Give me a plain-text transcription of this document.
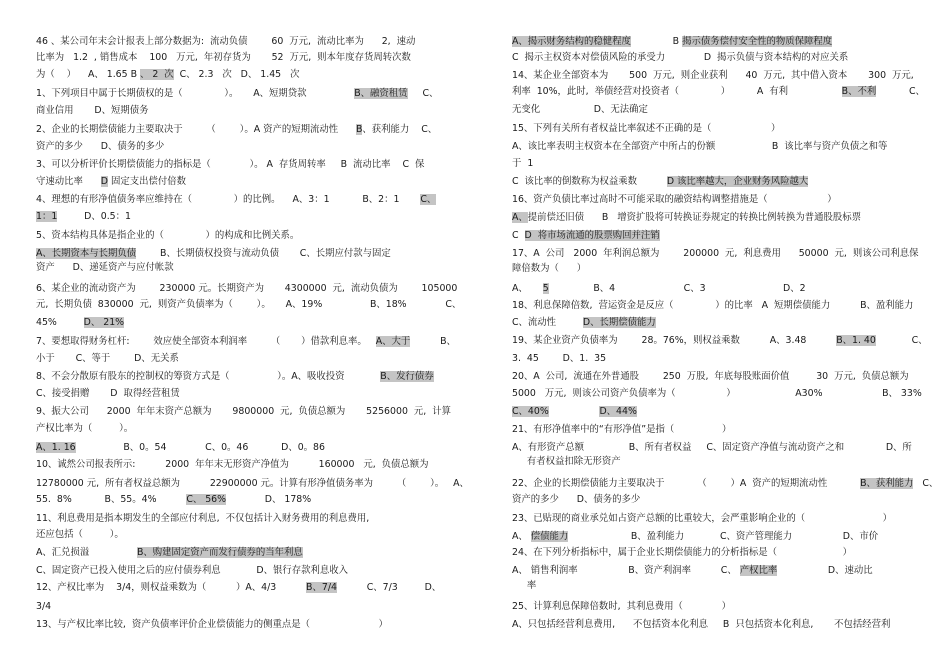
46 、某公司年末会计报表上部分数据为:  流动负债        60  万元,  流动比率为      2,  速动
比率为   1.2  , 销售成本    100   万元,  年初存货为       52  万元,  则本年度存货周转次数
为（    ）    A、 1.65 B 、 2  次  C、 2.3   次   D、 1.45   次
1、下列项目中属于长期债权的是（              ）。     A、短期贷款                B、融资租赁     C、
商业信用       D、短期债务
2、企业的长期偿债能力主要取决于        （        ）。A 资产的短期流动性      B、获利能力    C、
资产的多少      D、债务的多少
3、可以分析评价长期偿债能力的指标是（             ）。 A  存货周转率     B  流动比率    C  保
守速动比率      D 固定支出偿付倍数
4、理想的有形净值债务率应维持在（              ）的比例。    A、3：1           B、2：1       C、
1：1         D、0.5：1
5、资本结构具体是指企业的（              ）的构成和比例关系。
A、长期资本与长期负债        B、长期债权投资与流动负债       C、长期应付款与固定
资产      D、递延资产与应付帐款
6、某企业的流动资产为        230000 元。长期资产为       4300000  元,  流动负债为        105000
元,  长期负债  830000  元,  则资产负债率为（        ）。     A、19%                B、18%             C、
45%         D、 21%
7、要想取得财务杠杆:        效应使全部资本利润率        （       ）借款利息率。   A、大于          B、
小于       C、等于        D、无关系
8、不会分散原有股东的控制权的筹资方式是（                ）。A、吸收投资            B、发行债券
C、接受捐赠       D  取得经营租赁
9、振大公司      2000  年年末资产总额为       9800000  元,  负债总额为       5256000  元,  计算
产权比率为（         ）。
A、1. 16                B、0。54             C、0。46           D、0。86
10、诚然公司报表所示:          2000  年年末无形资产净值为          160000   元,  负债总额为
12780000 元,  所有者权益总额为          22900000 元。计算有形净值债务率为        （        ）。   A、
55.  8%           B、55。4%          C、 56%             D、 178%
11、利息费用是指本期发生的全部应付利息,  不仅包括计入财务费用的利息费用,
还应包括（         ）。
A、汇兑损溢                B、购建固定资产而发行债券的当年利息
C、固定资产已投入使用之后的应付债券利息            D、银行存款利息收入
12、产权比率为    3/4，则权益乘数为（          ）A、4/3          B、7/4          C、7/3         D、
3/4
13、与产权比率比较,  资产负债率评价企业偿债能力的侧重点是（                       ）
A、揭示财务结构的稳健程度              B 揭示债务偿付安全性的物质保障程度
C  揭示主权资本对偿债风险的承受力             D  揭示负债与资本结构的对应关系
14、某企业全部资本为       500  万元,  则企业获利      40  万元,  其中借入资本       300  万元,
利率  10%，此时,  举债经营对投资者（              ）         A  有利                  B、不利           C、
无变化                  D、无法确定
15、下列有关所有者权益比率叙述不正确的是（                    ）
A、该比率表明主权资本在全部资产中所占的份额                   B  该比率与资产负债之和等
于  1
C  该比率的倒数称为权益乘数          D 该比率越大，企业财务风险越大
16、资产负债比率过高时不可能采取的融资结构调整措施是（                    ）
A、提前偿还旧债      B   增资扩股将可转换证券规定的转换比例转换为普通股股标票
C  D  将市场流通的股票购回并注销
17、A  公司   2000  年利润总额为        200000  元,  利息费用      50000  元,  则该公司利息保
障倍数为（      ）
A、     5               B、4                       C、3                          D、2
18、利息保障倍数,  营运资金是反应（              ）的比率   A  短期偿债能力          B、盈利能力
C、流动性         D、长期偿债能力
19、某企业资产负债率为        28。76%，则权益乘数          A、3.48          B、1. 40            C、
3.  45        D、1.  35
20、A  公司,  流通在外普通股        250  万股,  年底每股账面价值         30  万元,  负债总额为
5000   万元,  则该公司资产负债率为（                 ）                    A30%                    B、 33%
C、40%	D、44%
21、有形净值率中的“有形净值”是指（                ）
A、有形资产总额               B、所有者权益     C、固定资产净值与流动资产之和              D、所
有者权益扣除无形资产
22、企业的长期偿债能力主要取决于           （        ）A  资产的短期流动性           B、获利能力   C、
资产的多少      D、债务的多少
23、已贴现的商业承兑如占资产总额的比重较大，会严重影响企业的（                          ）
A、 偿债能力                     B、盈利能力            C、资产管理能力                 D、市价
24、在下列分析指标中，属于企业长期偿债能力的分析指标是（                      ）
A、 销售利润率                 B、资产利润率          C、 产权比率                 D、速动比
率
25、计算利息保障倍数时,  其利息费用（             ）
A、只包括经营利息费用,      不包括资本化利息     B  只包括资本化利息,       不包括经营利
